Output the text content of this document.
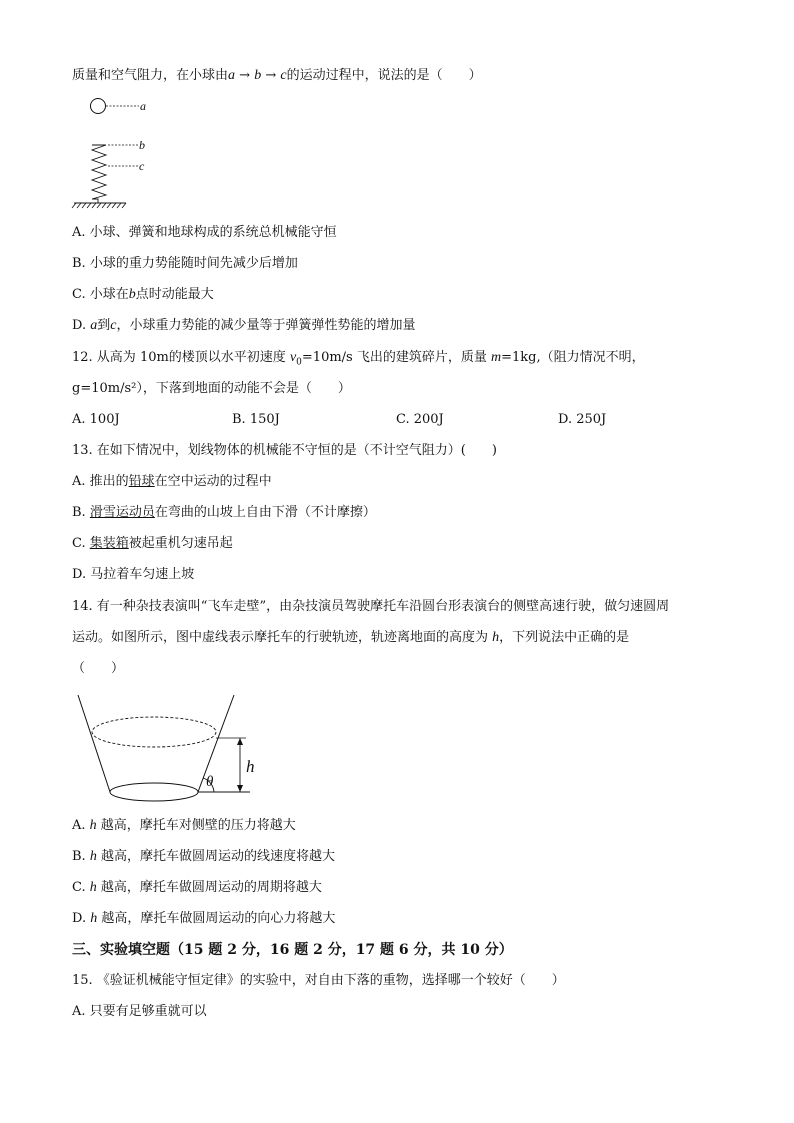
质量和空气阻力，在小球由a → b → c的运动过程中，说法的是（　　）
a
b
c
A. 小球、弹簧和地球构成的系统总机械能守恒
B. 小球的重力势能随时间先减少后增加
C. 小球在b点时动能最大
D. a到c，小球重力势能的减少量等于弹簧弹性势能的增加量
12. 从高为 10m的楼顶以水平初速度 $v_0=10m/s$ 飞出的建筑碎片，质量 m=1kg,（阻力情况不明，
g=10m/s²），下落到地面的动能不会是（　　）
A. 100J	B. 150J	C. 200J	D. 250J
13. 在如下情况中，划线物体的机械能不守恒的是（不计空气阻力）(　　)
A. 推出的铅球在空中运动的过程中
B. 滑雪运动员在弯曲的山坡上自由下滑（不计摩擦）
C. 集装箱被起重机匀速吊起
D. 马拉着车匀速上坡
14. 有一种杂技表演叫“飞车走壁”，由杂技演员驾驶摩托车沿圆台形表演台的侧壁高速行驶，做匀速圆周
运动。如图所示，图中虚线表示摩托车的行驶轨迹，轨迹离地面的高度为 h，下列说法中正确的是
（　　）
h
θ
A. h 越高，摩托车对侧壁的压力将越大
B. h 越高，摩托车做圆周运动的线速度将越大
C. h 越高，摩托车做圆周运动的周期将越大
D. h 越高，摩托车做圆周运动的向心力将越大
三、实验填空题（15 题 2 分，16 题 2 分，17 题 6 分，共 10 分）
15. 《验证机械能守恒定律》的实验中，对自由下落的重物，选择哪一个较好（　　）
A. 只要有足够重就可以
